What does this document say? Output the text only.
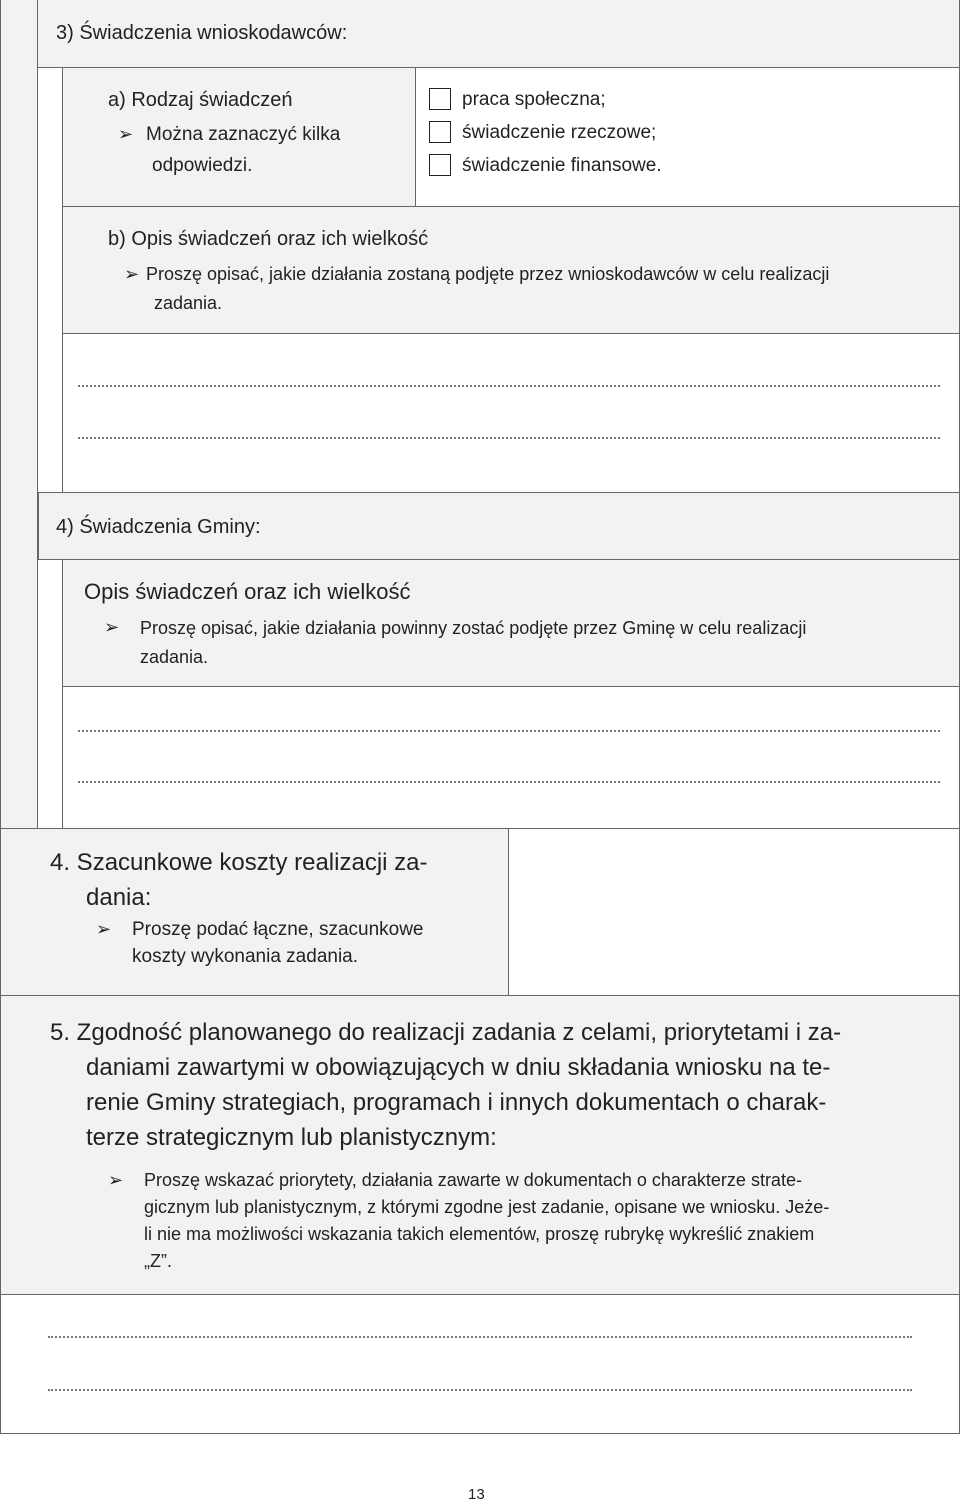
3) Świadczenia wnioskodawców:
a) Rodzaj świadczeń
➢ Można zaznaczyć kilka
odpowiedzi.
praca społeczna;
świadczenie rzeczowe;
świadczenie finansowe.
b) Opis świadczeń oraz ich wielkość
➢ Proszę opisać, jakie działania zostaną podjęte przez wnioskodawców w celu realizacji
zadania.
4) Świadczenia Gminy:
Opis świadczeń oraz ich wielkość
➢ Proszę opisać, jakie działania powinny zostać podjęte przez Gminę w celu realizacji
zadania.
4. Szacunkowe koszty realizacji za-
dania:
➢ Proszę podać łączne, szacunkowe
koszty wykonania zadania.
5. Zgodność planowanego do realizacji zadania z celami, priorytetami i za-
daniami zawartymi w obowiązujących w dniu składania wniosku na te-
renie Gminy strategiach, programach i innych dokumentach o charak-
terze strategicznym lub planistycznym:
➢ Proszę wskazać priorytety, działania zawarte w dokumentach o charakterze strate-
gicznym lub planistycznym, z którymi zgodne jest zadanie, opisane we wniosku. Jeże-
li nie ma możliwości wskazania takich elementów, proszę rubrykę wykreślić znakiem
„Z”.
13
